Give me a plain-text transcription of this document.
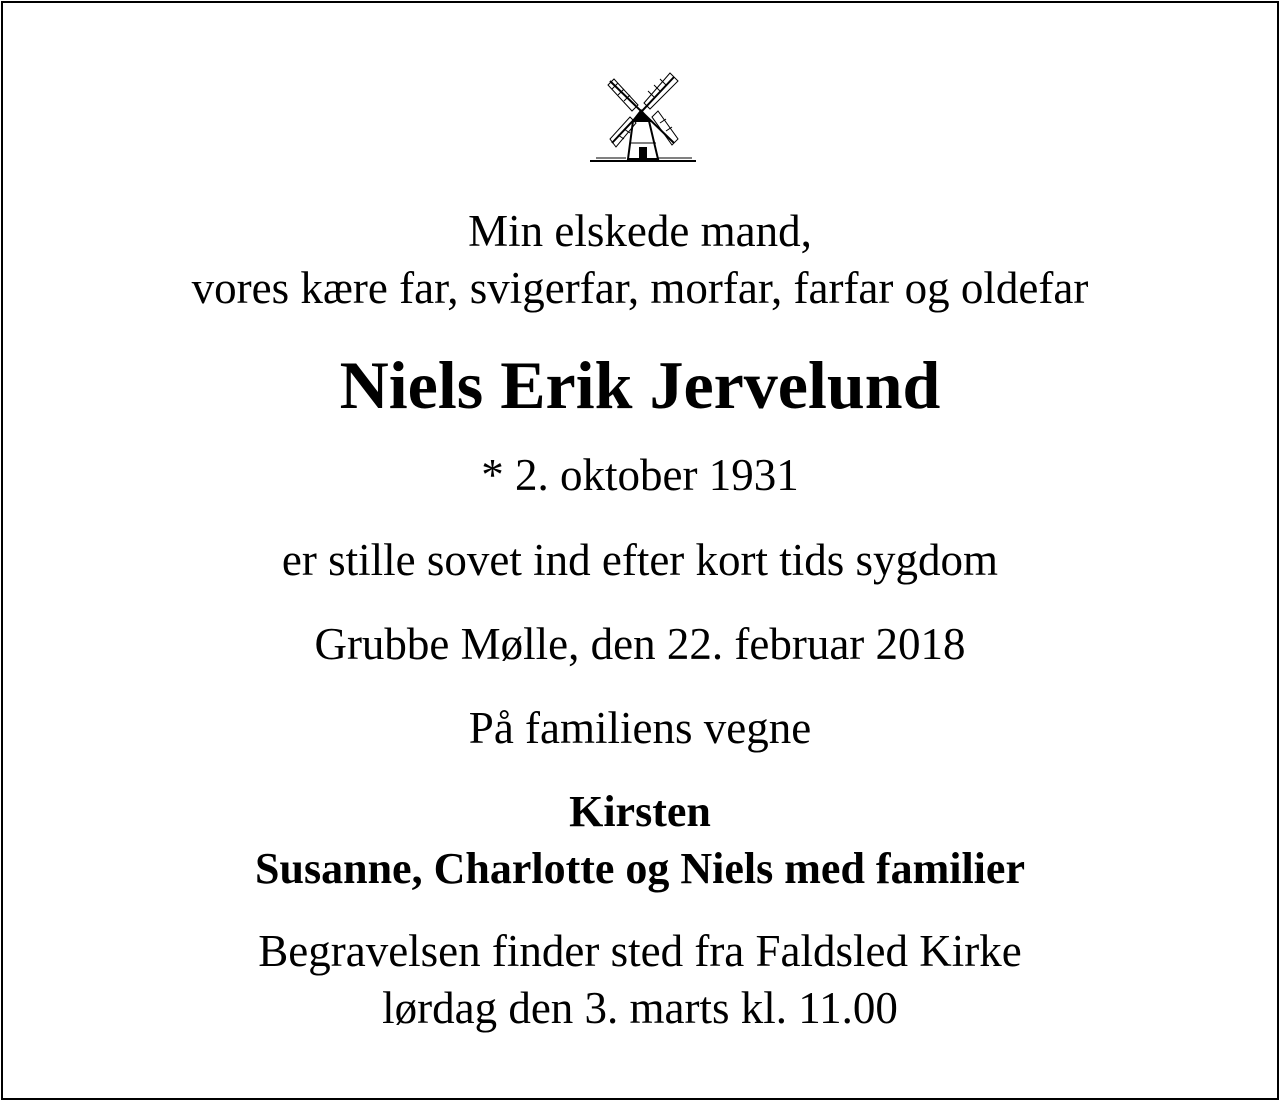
Min elskede mand,
vores kære far, svigerfar, morfar, farfar og oldefar
Niels Erik Jervelund
* 2. oktober 1931
er stille sovet ind efter kort tids sygdom
Grubbe Mølle, den 22. februar 2018
På familiens vegne
Kirsten
Susanne, Charlotte og Niels med familier
Begravelsen finder sted fra Faldsled Kirke
lørdag den 3. marts kl. 11.00
